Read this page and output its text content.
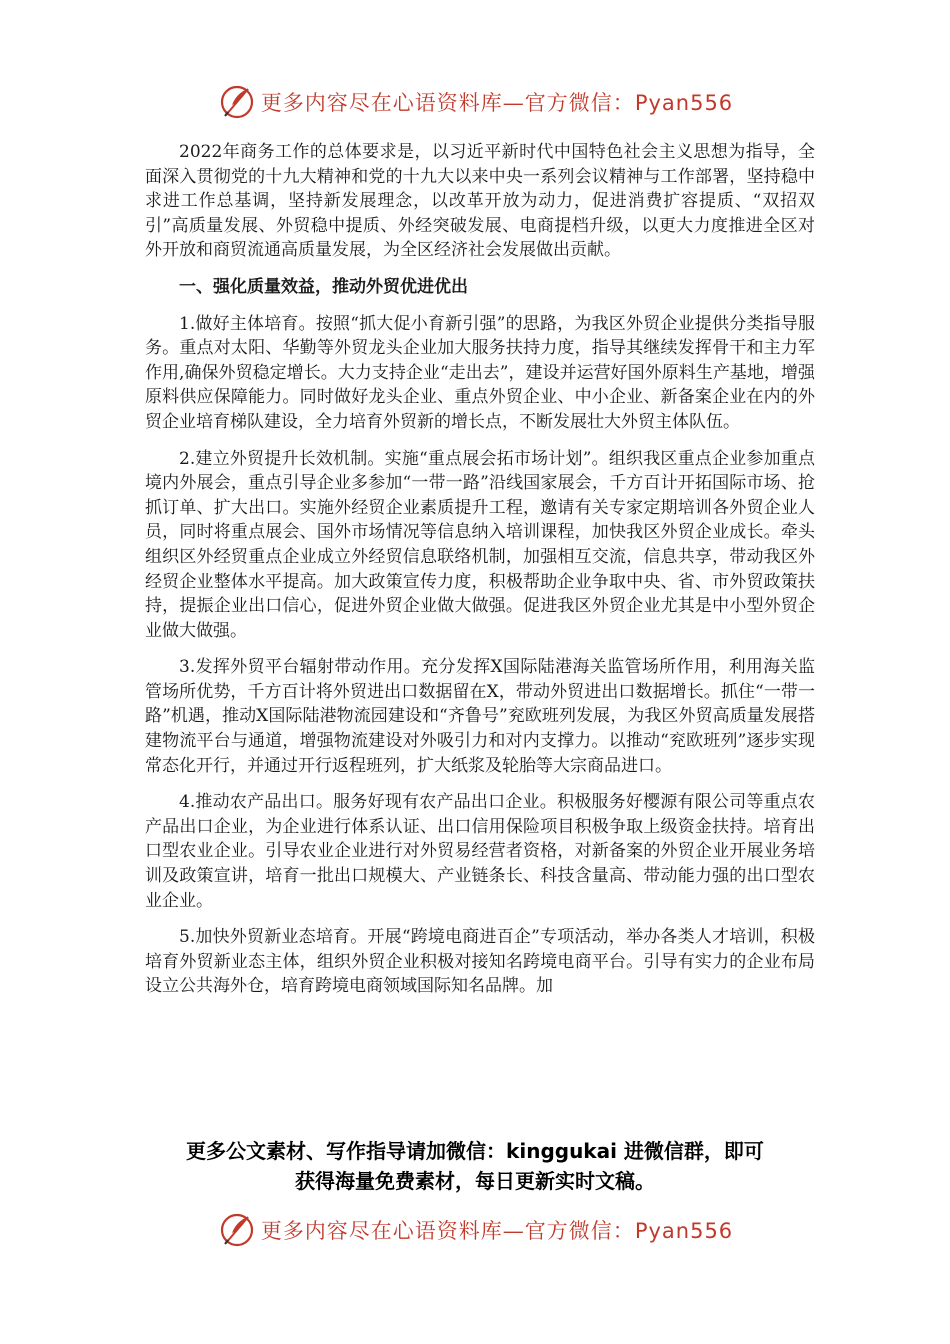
更多内容尽在心语资料库—官方微信：Pyan556

2022年商务工作的总体要求是，以习近平新时代中国特色社会主义思想为指导，全面深入贯彻党的十九大精神和党的十九大以来中央一系列会议精神与工作部署，坚持稳中求进工作总基调，坚持新发展理念，以改革开放为动力，促进消费扩容提质、“双招双引”高质量发展、外贸稳中提质、外经突破发展、电商提档升级，以更大力度推进全区对外开放和商贸流通高质量发展，为全区经济社会发展做出贡献。

一、强化质量效益，推动外贸优进优出

1.做好主体培育。按照“抓大促小育新引强”的思路，为我区外贸企业提供分类指导服务。重点对太阳、华勤等外贸龙头企业加大服务扶持力度，指导其继续发挥骨干和主力军作用,确保外贸稳定增长。大力支持企业“走出去”，建设并运营好国外原料生产基地，增强原料供应保障能力。同时做好龙头企业、重点外贸企业、中小企业、新备案企业在内的外贸企业培育梯队建设，全力培育外贸新的增长点，不断发展壮大外贸主体队伍。

2.建立外贸提升长效机制。实施“重点展会拓市场计划”。组织我区重点企业参加重点境内外展会，重点引导企业多参加“一带一路”沿线国家展会，千方百计开拓国际市场、抢抓订单、扩大出口。实施外经贸企业素质提升工程，邀请有关专家定期培训各外贸企业人员，同时将重点展会、国外市场情况等信息纳入培训课程，加快我区外贸企业成长。牵头组织区外经贸重点企业成立外经贸信息联络机制，加强相互交流，信息共享，带动我区外经贸企业整体水平提高。加大政策宣传力度，积极帮助企业争取中央、省、市外贸政策扶持，提振企业出口信心，促进外贸企业做大做强。促进我区外贸企业尤其是中小型外贸企业做大做强。

3.发挥外贸平台辐射带动作用。充分发挥X国际陆港海关监管场所作用，利用海关监管场所优势，千方百计将外贸进出口数据留在X，带动外贸进出口数据增长。抓住“一带一路”机遇，推动X国际陆港物流园建设和“齐鲁号”兖欧班列发展，为我区外贸高质量发展搭建物流平台与通道，增强物流建设对外吸引力和对内支撑力。以推动“兖欧班列”逐步实现常态化开行，并通过开行返程班列，扩大纸浆及轮胎等大宗商品进口。

4.推动农产品出口。服务好现有农产品出口企业。积极服务好樱源有限公司等重点农产品出口企业，为企业进行体系认证、出口信用保险项目积极争取上级资金扶持。培育出口型农业企业。引导农业企业进行对外贸易经营者资格，对新备案的外贸企业开展业务培训及政策宣讲，培育一批出口规模大、产业链条长、科技含量高、带动能力强的出口型农业企业。

5.加快外贸新业态培育。开展“跨境电商进百企”专项活动，举办各类人才培训，积极培育外贸新业态主体，组织外贸企业积极对接知名跨境电商平台。引导有实力的企业布局设立公共海外仓，培育跨境电商领域国际知名品牌。加

更多公文素材、写作指导请加微信：kinggukai 进微信群，即可
获得海量免费素材，每日更新实时文稿。
更多内容尽在心语资料库—官方微信：Pyan556
